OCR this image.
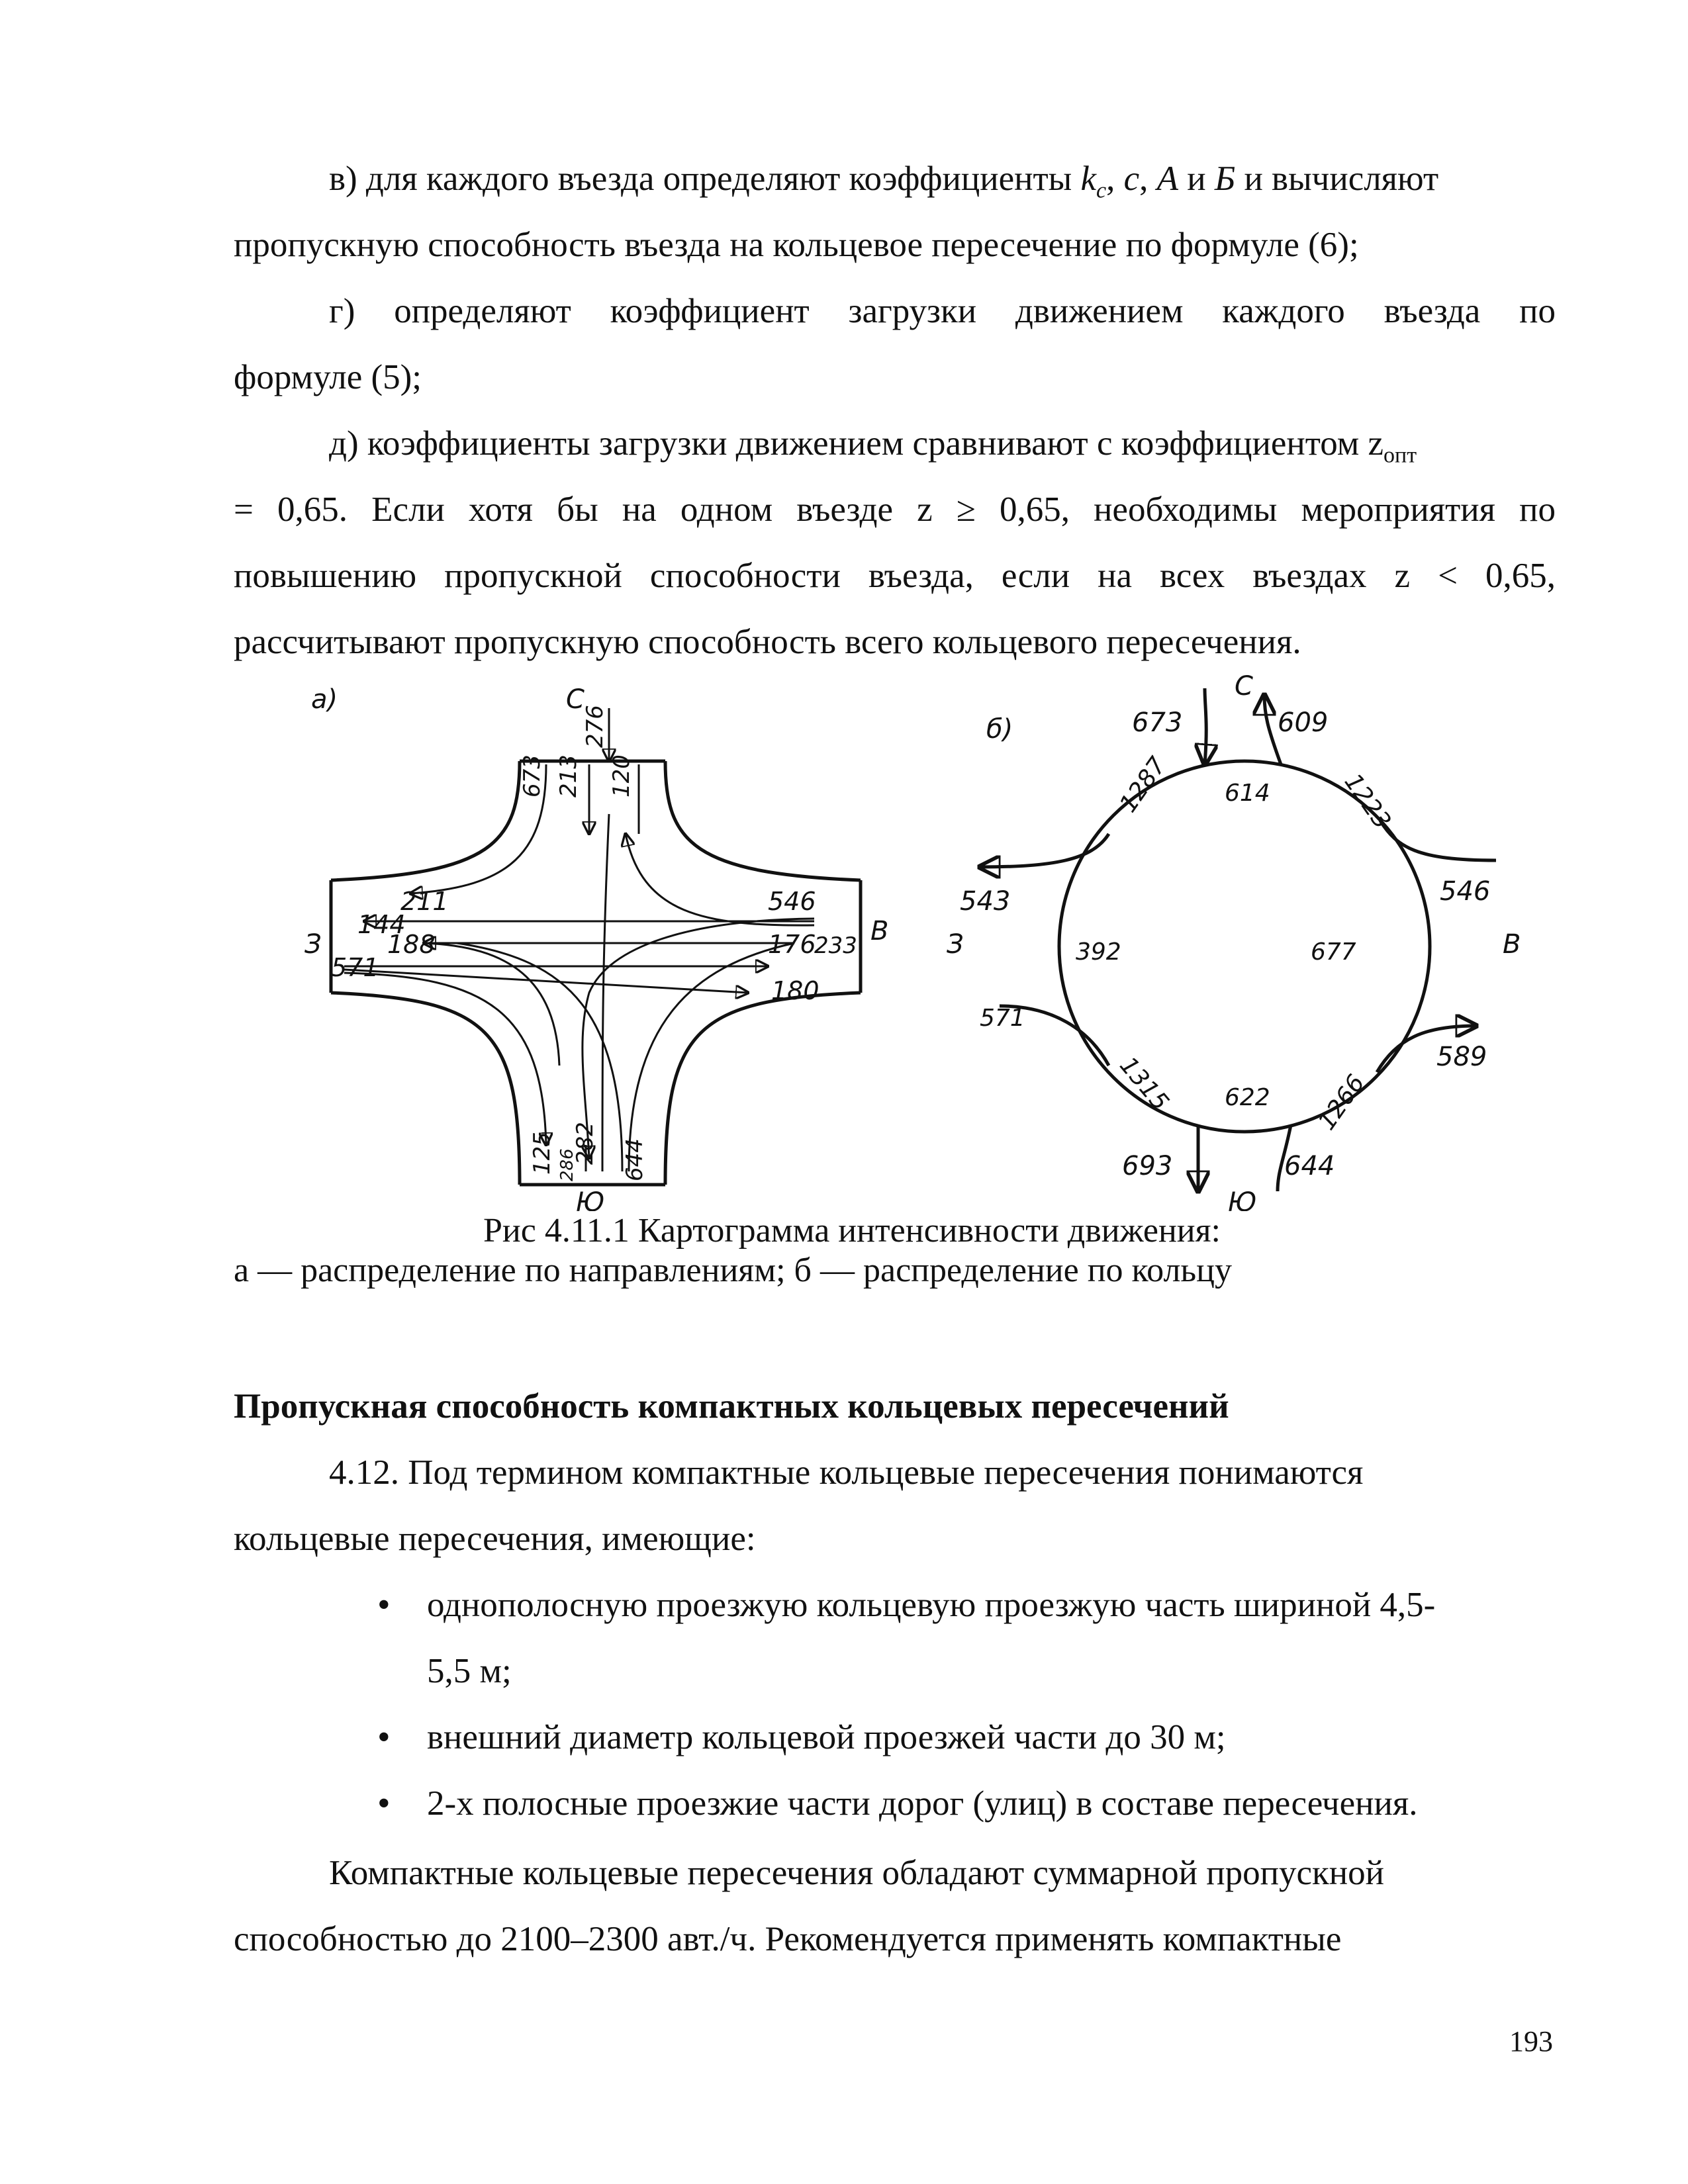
в) для каждого въезда определяют коэффициенты $k_c$, с, А и Б и вычисляют
пропускную способность въезда на кольцевое пересечение по формуле (6);
г) определяют коэффициент загрузки движением каждого въезда по
формуле (5);
д) коэффициенты загрузки движением сравнивают с коэффициентом $z_{опт}$
= 0,65. Если хотя бы на одном въезде z ≥ 0,65, необходимы мероприятия по
повышению пропускной способности въезда, если на всех въездах z < 0,65,
рассчитывают пропускную способность всего кольцевого пересечения.
а)	С
Ю
З	В
673 213
276
120
546
233
176
211
144
188
571
180
125 286
282 644
б)
С
Ю
З	В
673	609
614
1287	1223
546
589
677
543
571
392
1315 622 1266
693	644
Рис 4.11.1 Картограмма интенсивности движения:
а — распределение по направлениям; б — распределение по кольцу
Пропускная способность компактных кольцевых пересечений
4.12. Под термином компактные кольцевые пересечения понимаются
кольцевые пересечения, имеющие:
• однополосную проезжую кольцевую проезжую часть шириной 4,5-
5,5 м;
• внешний диаметр кольцевой проезжей части до 30 м;
• 2-х полосные проезжие части дорог (улиц) в составе пересечения.
Компактные кольцевые пересечения обладают суммарной пропускной
способностью до 2100–2300 авт./ч. Рекомендуется применять компактные
193
